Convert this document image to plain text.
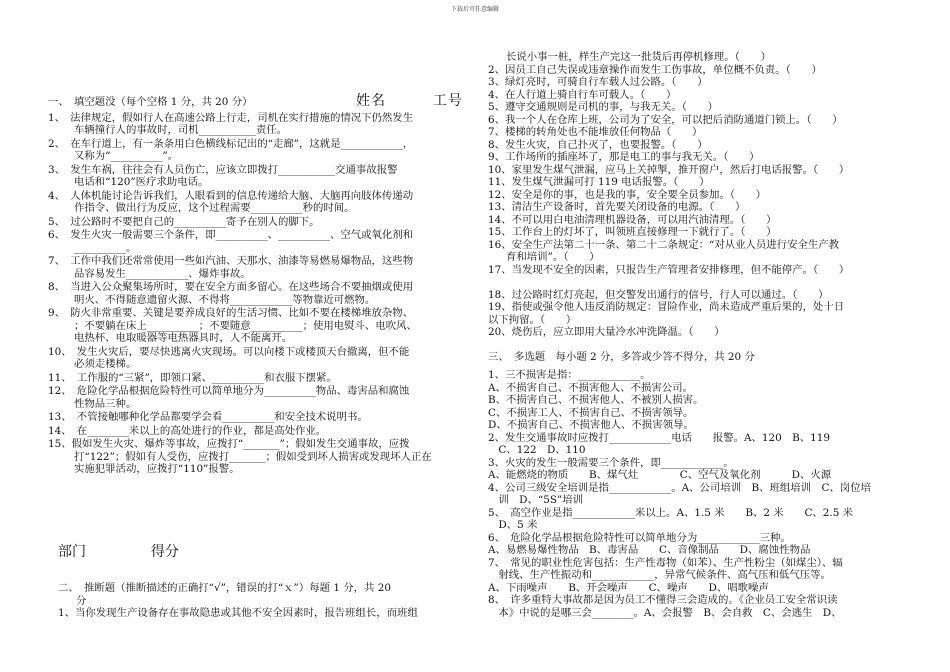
下载后可任意编辑
姓名	工号
一、　填空题没（每个空格 1 分，共 20 分）
1、　法律规定，假如行人在高速公路上行走，司机在实行措施的情况下仍然发生
车辆撞行人的事故时，司机___________责任。
2、　在车行道上，有一条条用白色横线标记出的“走廊”，这就是____________，
又称为“__________”。
3、　发生车祸，往往会有人员伤亡，应该立即拨打___________交通事故报警
电话和“120”医疗求助电话。
4、　人体机能讨论告诉我们，人眼看到的信息传递给大脑、大脑再向肢体传递动
作指令、做出行为反应，这个过程需要__________秒的时间。
5、　过公路时不要把自己的__________寄予在别人的脚下。
6、　发生火灾一般需要三个条件，即__________、__________、空气或氧化剂和
__________。
7、　工作中我们还常常使用一些如汽油、天那水、油漆等易燃易爆物品，这些物
品容易发生____________、爆炸事故。
8、　当进入公众聚集场所时，要在安全方面多留心。在这些场合不要抽烟或使用
明火、不得随意遗留火源、不得将____________等物靠近可燃物。
9、　防火非常重要、关键是要养成良好的生活习惯、比如不要在楼梯堆放杂物、
；不要躺在床上__________；不要随意__________；使用电熨斗、电吹风、
电热杯、电取暖器等电热器具时，人不能离开。
10、　发生火灾后，要尽快逃离火灾现场。可以向楼下或楼顶天台撤离，但不能
必须走楼梯。
11、　工作服的“三紧”，即领口紧、__________和衣服下摆紧。
12、　危险化学品根据危险特性可以简单地分为__________物品、毒害品和腐蚀
性物品三种。
13、　不管接触哪种化学品都要学会看__________和安全技术说明书。
14、　在________米以上的高处进行的作业，都是高处作业。
15、假如发生火灾、爆炸等事故，应拨打“_______”；假如发生交通事故，应拨
打“122”；假如有人受伤，应拨打_______；假如受到坏人损害或发现坏人正在
实施犯罪活动，应拨打“110”报警。
部门	得分
二、　推断题（推断描述的正确打“√”，错误的打“ｘ”）每题 1 分，共 20
分
1、当你发现生产设备存在事故隐患或其他不安全因素时，报告班组长，而班组
长说小事一桩，样生产完这一批货后再停机修理。（　　）
2、因员工自己失误或违章操作而发生工伤事故，单位概不负责。（　　）
3、绿灯亮时，可骑自行车载人过公路。（　　）
4、在人行道上骑自行车可载人。（　　）
5、遵守交通规则是司机的事，与我无关。（　　）
6、我一个人在仓库上班，公司为了安全，可以把后消防通道门锁上。（　　）
7、楼梯的转角处也不能堆放任何物品（　　）
8、发生火灾，自己扑灭了，也要报警。（　　）
9、工作场所的插座坏了，那是电工的事与我无关。（　　）
10、家里发生煤气泄漏，应马上关掉掣，推开窗户，然后打电话报警。（　　）
11、发生煤气泄漏可打 119 电话报警。（　　）
12、安全是你的事，也是我的事，安全要全员参加。（　　）
13、清洁生产设备时，首先要关闭设备的电源。（　　）
14、不可以用白电油清理机器设备，可以用汽油清理。（　　）
15、工作台上的灯坏了，叫领班直接修理一下就行了。（　　）
16、安全生产法第二十一条、第二十二条规定：“对从业人员进行安全生产教
育和培训”。（　　）
17、当发现不安全的因素，只报告生产管理者安排修理，但不能停产。（　　）
18、过公路时红灯亮起，但交警发出通行的信号，行人可以通过。（　　）
19、指使或强令他人违反消防规定：冒险作业，尚未造成严重后果的，处十日
以下拘留。（　　）
20、烧伤后，应立即用大量冷水冲洗降温。（　　）
三、　多选题　每小题 2 分，多答或少答不得分，共 20 分
1、三不损害是指：____________。
A、不损害自己、不损害他人、不损害公司。
B、不损害自己、不损害他人、不被别人损害。
C、不损害工人、不损害自己、不损害领导。
D、不损害自己、不损害他人、不损害领导。
2、发生交通事故时应拨打____________电话　　报警。A、120　B、119
　C、122　D、110
3、火灾的发生一般需要三个条件，即____________。
A、能燃烧的物质　　B、煤气灶　　　　C、空气及氧化剂　　　D、火源
4、公司三级安全培训是指____________。A、公司培训　B、班组培训　C、岗位培
　训　D、“5S”培训
5、　高空作业是指____________米以上。A、1.5 米　　B、2 米　　C、2.5 米
　D、5 米
6、　危险化学品根据危险特性可以简单地分为____________三种。
A、易燃易爆性物品　B、毒害品　　C、音像制品　　D、腐蚀性物品
7、　常见的职业性危害包括：生产性毒物（如苯）、生产性粉尘（如煤尘）、辐
　射线、生产性振动和____________，异常气候条件、高气压和低气压等。
A、下雨噪声　　B、开会噪声　　C、噪声　　D、唱歌噪声
8、　许多重特大事故都是因为员工不懂得三会造成的。《企业员工安全常识读
　本》中说的是哪三会________。A、会报警　B、会自救　C、会逃生　D、
